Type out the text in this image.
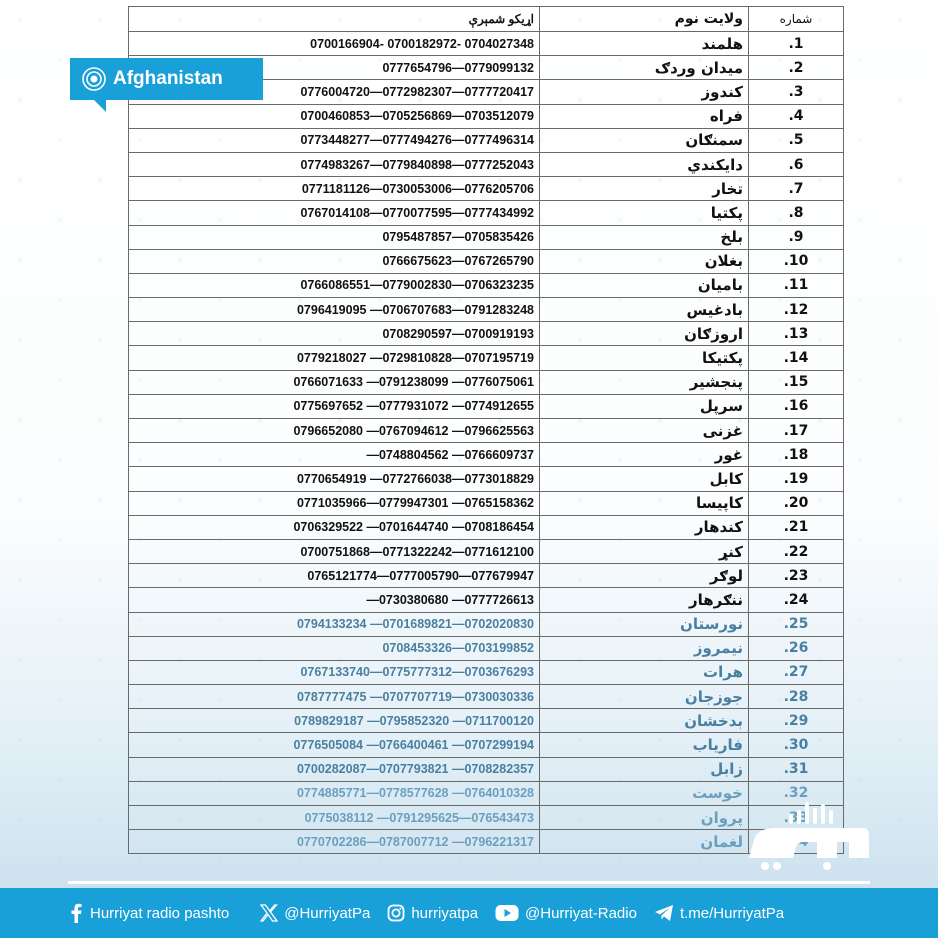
اړیکو شمېرې	ولایت نوم	شماره
0700166904- 0700182972- 0704027348	هلمند	1.
0777654796—0779099132	میدان وردګ	2.
0776004720—0772982307—0777720417	کندوز	3.
0700460853—0705256869—0703512079	فراه	4.
0773448277—0777494276—0777496314	سمنګان	5.
0774983267—0779840898—0777252043	دایکندي	6.
0771181126—0730053006—0776205706	تخار	7.
0767014108—0770077595—0777434992	پکتیا	8.
0795487857—0705835426	بلخ	9.
0766675623—0767265790	بغلان	10.
0766086551—0779002830—0706323235	بامیان	11.
0796419095 —0706707683—0791283248	بادغیس	12.
0708290597—0700919193	اروزګان	13.
0779218027 —0729810828—0707195719	پکتیکا	14.
0766071633 —0791238099 —0776075061	پنجشیر	15.
0775697652 —0777931072 —0774912655	سرپل	16.
0796652080 —0767094612 —0796625563	غزنی	17.
—0748804562 —0766609737	غور	18.
0770654919 —0772766038—0773018829	کابل	19.
0771035966—0779947301 —0765158362	کاپیسا	20.
0706329522 —0701644740 —0708186454	کندهار	21.
0700751868—0771322242—0771612100	کنړ	22.
0765121774—0777005790—077679947	لوګر	23.
—0730380680 —0777726613	ننګرهار	24.
0794133234 —0701689821—0702020830	نورستان	25.
0708453326—0703199852	نیمروز	26.
0767133740—0775777312—0703676293	هرات	27.
0787777475 —0707707719—0730030336	جوزجان	28.
0789829187 —0795852320 —0711700120	بدخشان	29.
0776505084 —0766400461 —0707299194	فاریاب	30.
0700282087—0707793821 —0708282357	زابل	31.
0774885771—0778577628 —0764010328	خوست	32.
0775038112 —0791295625—076543473	پروان	33.
0770702286—0787007712 —0796221317	لغمان	
Afghanistan
Hurriyat radio pashto	@HurriyatPa	hurriyatpa	@Hurriyat-Radio	t.me/HurriyatPa
